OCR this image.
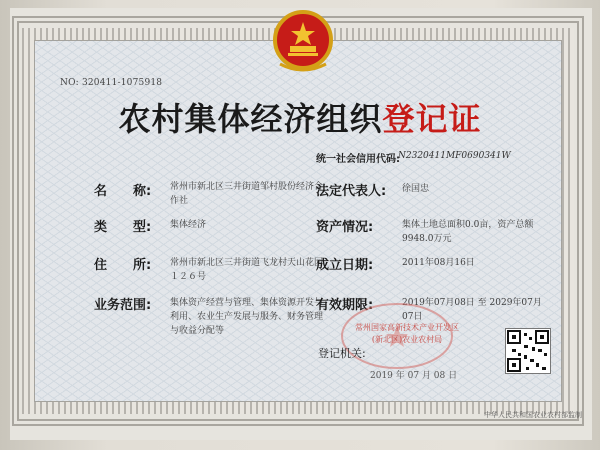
NO: 320411-1075918
农村集体经济组织登记证
统一社会信用代码:
N2320411MF0690341W
名　　称: 常州市新北区三井街道邹村股份经济合作社
类　　型: 集体经济
住　　所: 常州市新北区三井街道飞龙村天山花园１２６号
业务范围: 集体资产经营与管理、集体资源开发与利用、农业生产发展与服务、财务管理与收益分配等
法定代表人: 徐国忠
资产情况:	集体土地总面积0.0亩，资产总额9948.0万元
成立日期:	2011年08月16日
有效期限:	2019年07月08日 至 2029年07月07日
常州国家高新技术产业开发区
(新北区)农业农村局
登记机关:
2019 年 07 月 08 日
中华人民共和国农业农村部监制
